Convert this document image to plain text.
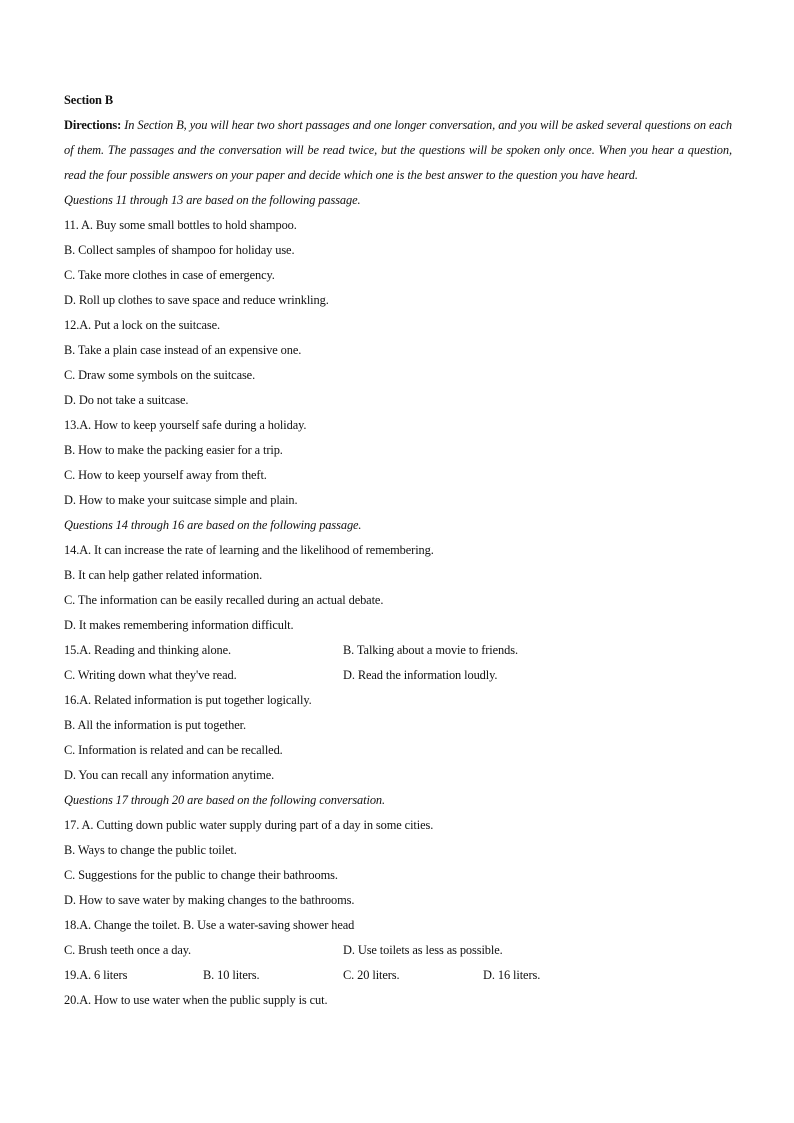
Section B
Directions: In Section B, you will hear two short passages and one longer conversation, and you will be asked several questions on each of them. The passages and the conversation will be read twice, but the questions will be spoken only once. When you hear a question, read the four possible answers on your paper and decide which one is the best answer to the question you have heard.
Questions 11 through 13 are based on the following passage.
11. A. Buy some small bottles to hold shampoo.
B. Collect samples of shampoo for holiday use.
C. Take more clothes in case of emergency.
D. Roll up clothes to save space and reduce wrinkling.
12.A. Put a lock on the suitcase.
B. Take a plain case instead of an expensive one.
C. Draw some symbols on the suitcase.
D. Do not take a suitcase.
13.A. How to keep yourself safe during a holiday.
B. How to make the packing easier for a trip.
C. How to keep yourself away from theft.
D. How to make your suitcase simple and plain.
Questions 14 through 16 are based on the following passage.
14.A. It can increase the rate of learning and the likelihood of remembering.
B. It can help gather related information.
C. The information can be easily recalled during an actual debate.
D. It makes remembering information difficult.
15.A. Reading and thinking alone.	B. Talking about a movie to friends.
C. Writing down what they've read.	D. Read the information loudly.
16.A. Related information is put together logically.
B. All the information is put together.
C. Information is related and can be recalled.
D. You can recall any information anytime.
Questions 17 through 20 are based on the following conversation.
17. A. Cutting down public water supply during part of a day in some cities.
B. Ways to change the public toilet.
C. Suggestions for the public to change their bathrooms.
D. How to save water by making changes to the bathrooms.
18.A. Change the toilet. B. Use a water-saving shower head
C. Brush teeth once a day.	D. Use toilets as less as possible.
19.A. 6 liters	B. 10 liters.	C. 20 liters.	D. 16 liters.
20.A. How to use water when the public supply is cut.
